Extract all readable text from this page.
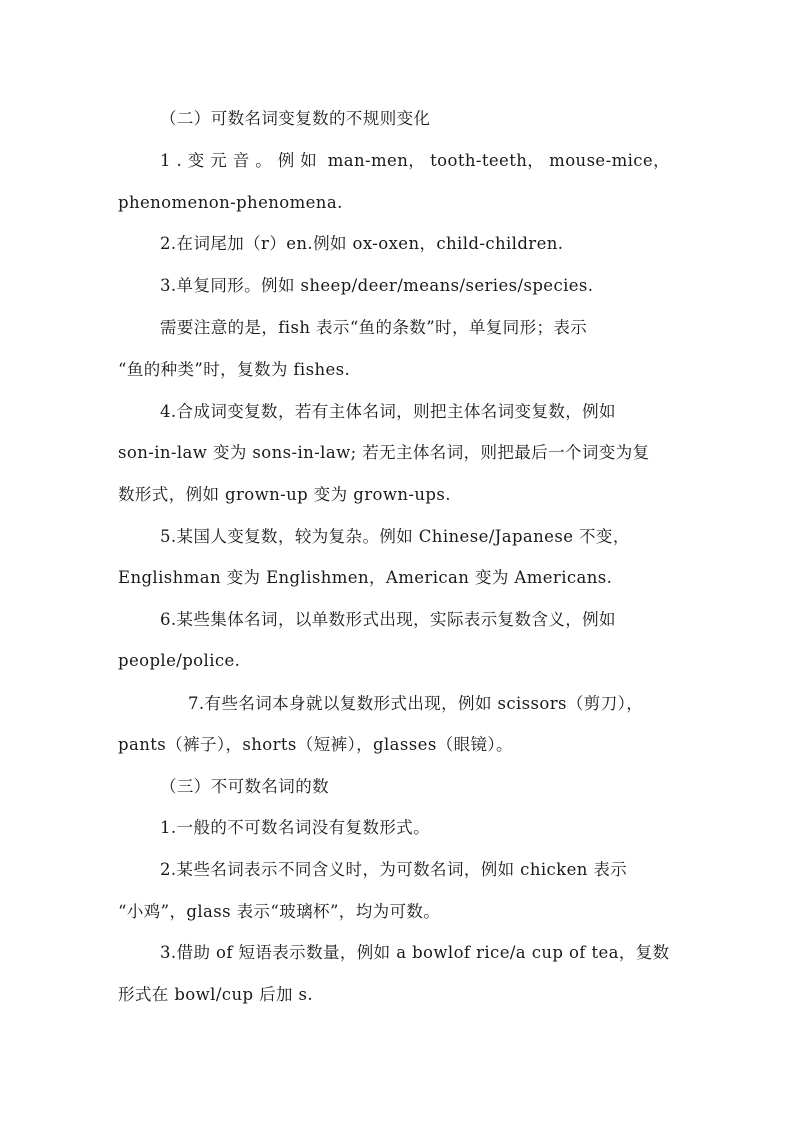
（二）可数名词变复数的不规则变化
1.变元音。例如 man-men， tooth-teeth， mouse-mice，
phenomenon-phenomena.
2.在词尾加（r）en.例如 ox-oxen，child-children.
3.单复同形。例如 sheep/deer/means/series/species.
需要注意的是，fish 表示“鱼的条数”时，单复同形；表示
“鱼的种类”时，复数为 fishes.
4.合成词变复数，若有主体名词，则把主体名词变复数，例如
son-in-law 变为 sons-in-law; 若无主体名词，则把最后一个词变为复
数形式，例如 grown-up 变为 grown-ups.
5.某国人变复数，较为复杂。例如 Chinese/Japanese 不变，
Englishman 变为 Englishmen，American 变为 Americans.
6.某些集体名词，以单数形式出现，实际表示复数含义，例如
people/police.
7.有些名词本身就以复数形式出现，例如 scissors（剪刀），
pants（裤子），shorts（短裤），glasses（眼镜）。
（三）不可数名词的数
1.一般的不可数名词没有复数形式。
2.某些名词表示不同含义时，为可数名词，例如 chicken 表示
“小鸡”，glass 表示“玻璃杯”，均为可数。
3.借助 of 短语表示数量，例如 a bowlof rice/a cup of tea，复数
形式在 bowl/cup 后加 s.
